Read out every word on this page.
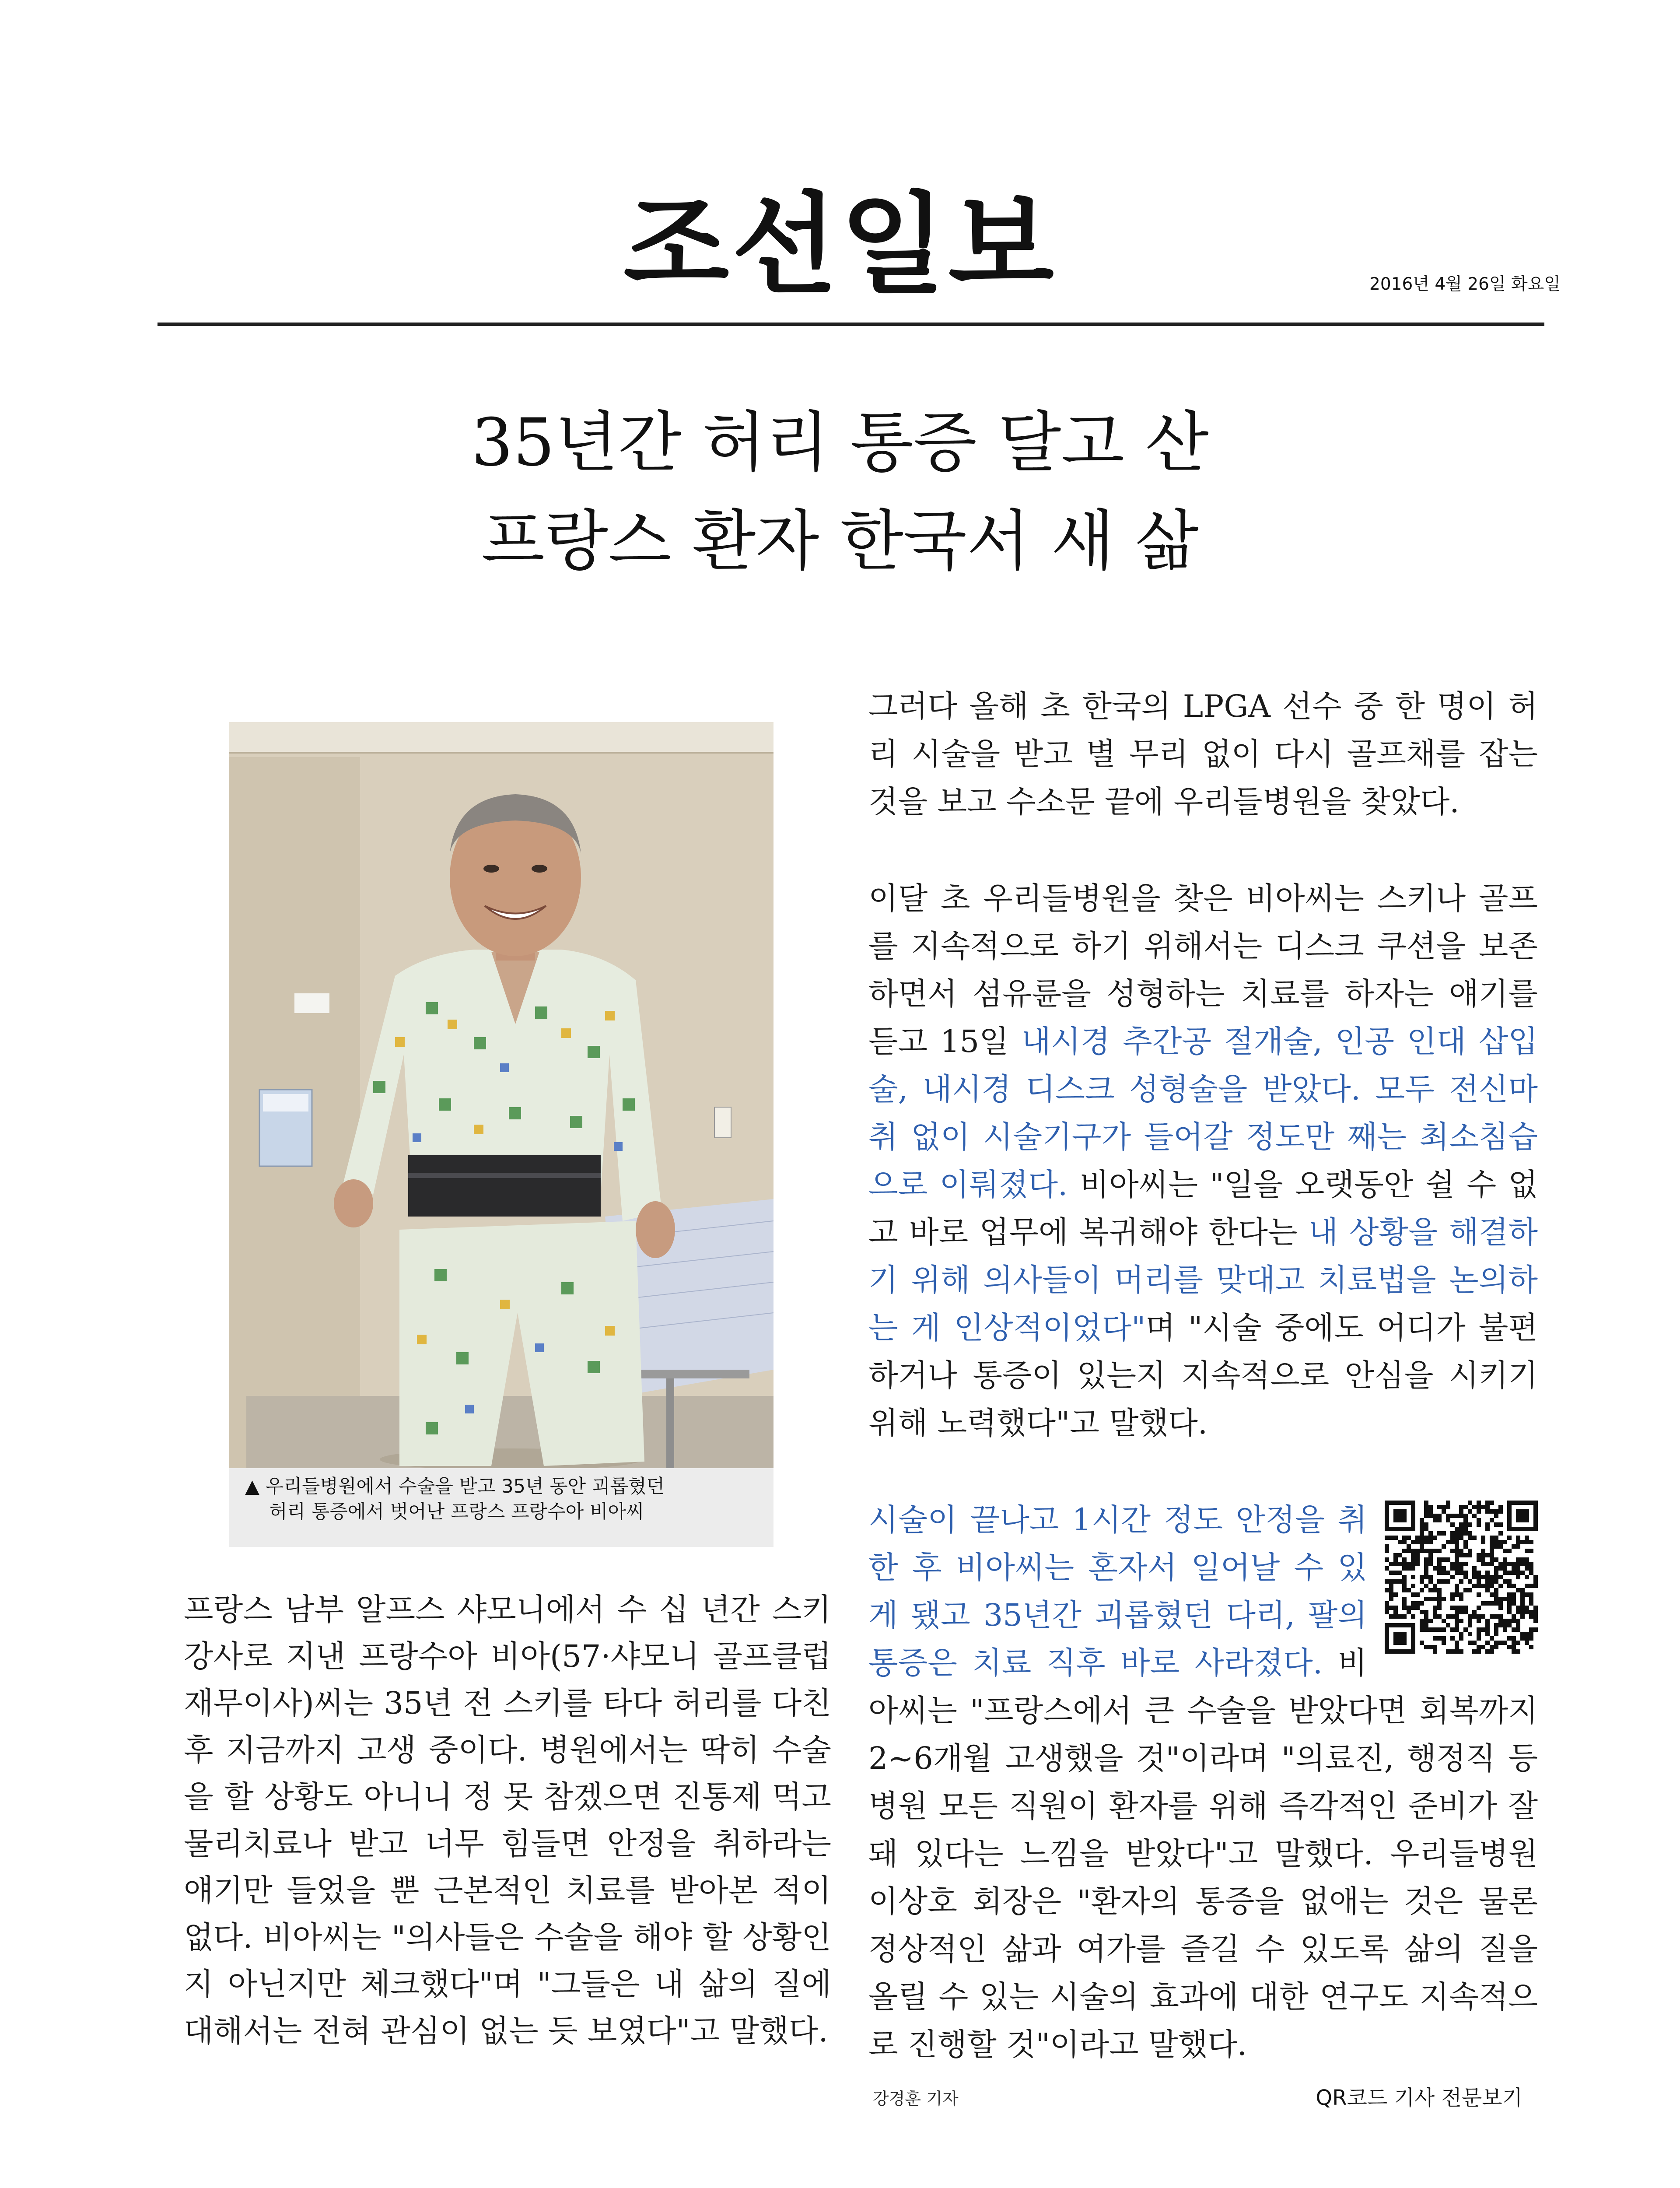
조선일보	2016년 4월 26일 화요일
35년간 허리 통증 달고 산
프랑스 환자 한국서 새 삶
▲ 우리들병원에서 수술을 받고 35년 동안 괴롭혔던
허리 통증에서 벗어난 프랑스 프랑수아 비아씨

프랑스 남부 알프스 샤모니에서 수 십 년간 스키 강사로 지낸 프랑수아 비아(57·샤모니 골프클럽 재무이사)씨는 35년 전 스키를 타다 허리를 다친 후 지금까지 고생 중이다. 병원에서는 딱히 수술을 할 상황도 아니니 정 못 참겠으면 진통제 먹고 물리치료나 받고 너무 힘들면 안정을 취하라는 얘기만 들었을 뿐 근본적인 치료를 받아본 적이 없다. 비아씨는 "의사들은 수술을 해야 할 상황인지 아닌지만 체크했다"며 "그들은 내 삶의 질에 대해서는 전혀 관심이 없는 듯 보였다"고 말했다.

그러다 올해 초 한국의 LPGA 선수 중 한 명이 허리 시술을 받고 별 무리 없이 다시 골프채를 잡는 것을 보고 수소문 끝에 우리들병원을 찾았다.

이달 초 우리들병원을 찾은 비아씨는 스키나 골프를 지속적으로 하기 위해서는 디스크 쿠션을 보존하면서 섬유륜을 성형하는 치료를 하자는 얘기를 듣고 15일 내시경 추간공 절개술, 인공 인대 삽입술, 내시경 디스크 성형술을 받았다. 모두 전신마취 없이 시술기구가 들어갈 정도만 째는 최소침습으로 이뤄졌다. 비아씨는 "일을 오랫동안 쉴 수 없고 바로 업무에 복귀해야 한다는 내 상황을 해결하기 위해 의사들이 머리를 맞대고 치료법을 논의하는 게 인상적이었다"며 "시술 중에도 어디가 불편하거나 통증이 있는지 지속적으로 안심을 시키기 위해 노력했다"고 말했다.

시술이 끝나고 1시간 정도 안정을 취한 후 비아씨는 혼자서 일어날 수 있게 됐고 35년간 괴롭혔던 다리, 팔의 통증은 치료 직후 바로 사라졌다. 비아씨는 "프랑스에서 큰 수술을 받았다면 회복까지 2~6개월 고생했을 것"이라며 "의료진, 행정직 등 병원 모든 직원이 환자를 위해 즉각적인 준비가 잘 돼 있다는 느낌을 받았다"고 말했다. 우리들병원 이상호 회장은 "환자의 통증을 없애는 것은 물론 정상적인 삶과 여가를 즐길 수 있도록 삶의 질을 올릴 수 있는 시술의 효과에 대한 연구도 지속적으로 진행할 것"이라고 말했다.

강경훈 기자	QR코드 기사 전문보기
